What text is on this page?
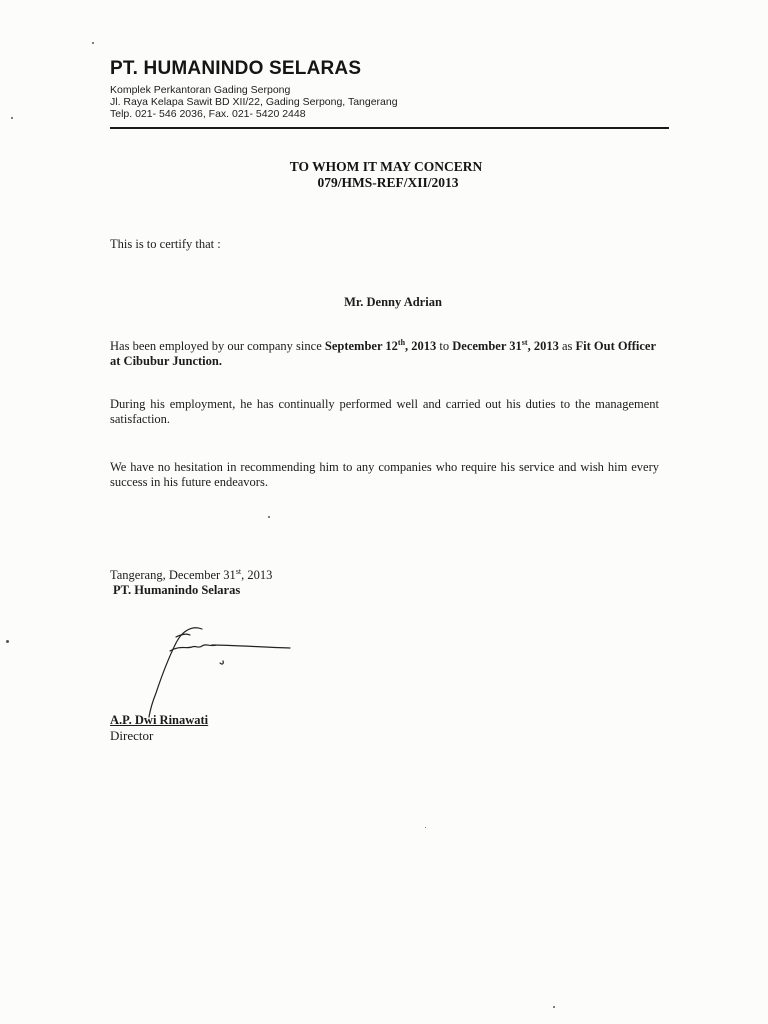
PT. HUMANINDO SELARAS
Komplek Perkantoran Gading Serpong
Jl. Raya Kelapa Sawit BD XII/22, Gading Serpong, Tangerang
Telp. 021- 546 2036, Fax. 021- 5420 2448
TO WHOM IT MAY CONCERN
079/HMS-REF/XII/2013
This is to certify that :
Mr. Denny Adrian
Has been employed by our company since September 12th, 2013 to December 31st, 2013 as Fit Out Officer at Cibubur Junction.
During his employment, he has continually performed well and carried out his duties to the management satisfaction.
We have no hesitation in recommending him to any companies who require his service and wish him every success in his future endeavors.
Tangerang, December 31st, 2013
PT. Humanindo Selaras
A.P. Dwi Rinawati
Director
